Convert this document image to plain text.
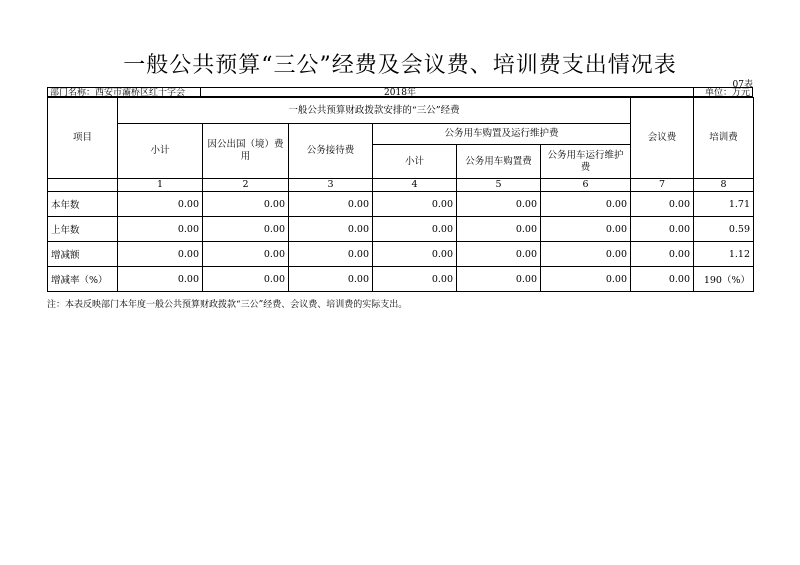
一般公共预算“三公”经费及会议费、培训费支出情况表
07表
部门名称：西安市灞桥区红十字会	2018年	单位：万元
项目	一般公共预算财政拨款安排的“三公”经费						会议费	培训费
	小计	因公出国（境）费用	公务接待费	公务用车购置及运行维护费				
				小计	公务用车购置费	公务用车运行维护费		
	1	2	3	4	5	6	7	8
本年数	0.00	0.00	0.00	0.00	0.00	0.00	0.00	1.71
上年数	0.00	0.00	0.00	0.00	0.00	0.00	0.00	0.59
增减额	0.00	0.00	0.00	0.00	0.00	0.00	0.00	1.12
增减率（%）	0.00	0.00	0.00	0.00	0.00	0.00	0.00	190（%）
注：本表反映部门本年度一般公共预算财政拨款“三公”经费、会议费、培训费的实际支出。
